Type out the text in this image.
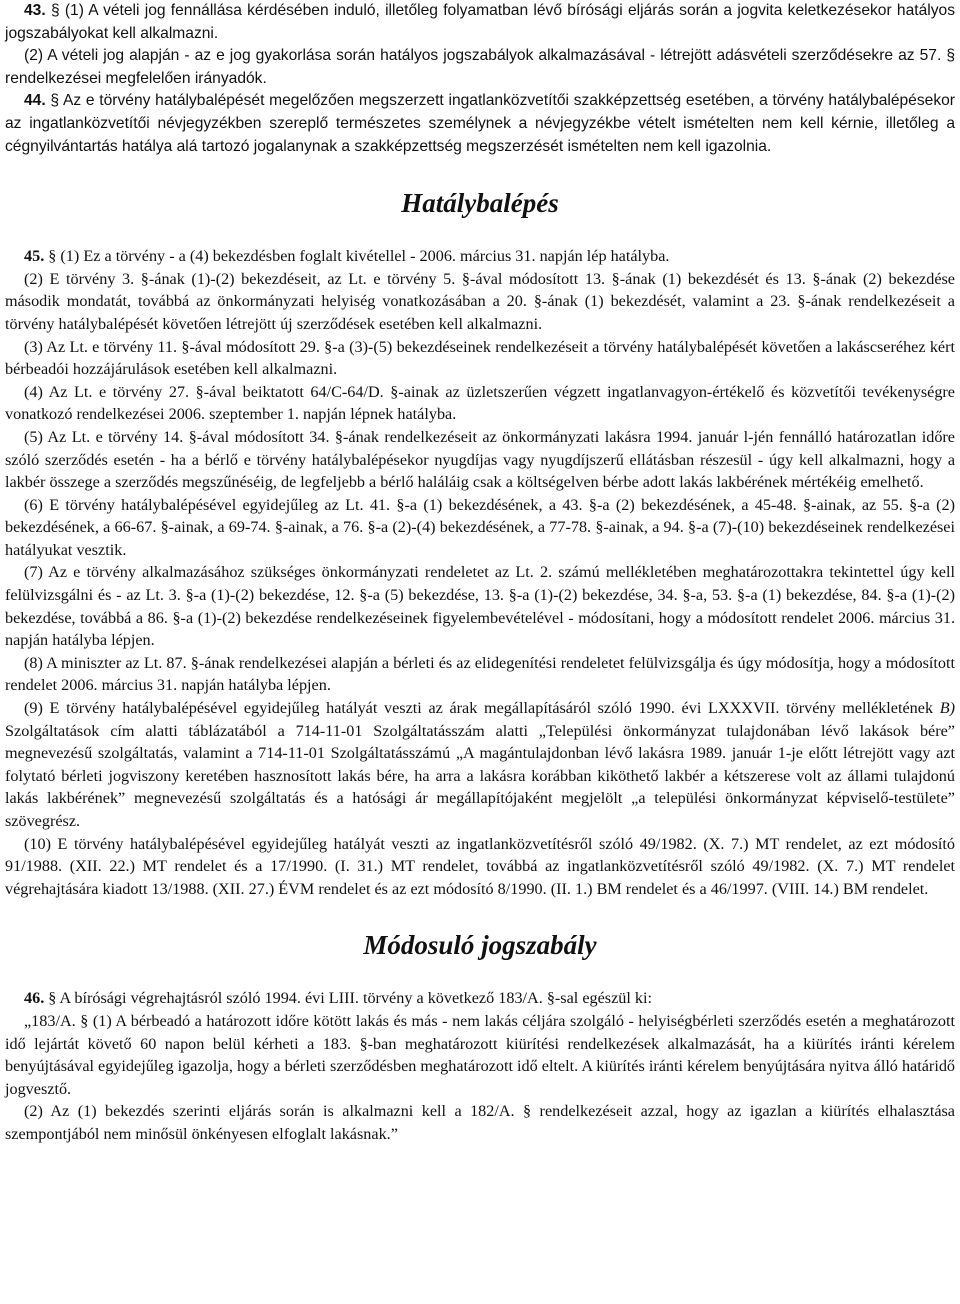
43. § (1) A vételi jog fennállása kérdésében induló, illetőleg folyamatban lévő bírósági eljárás során a jogvita keletkezésekor hatályos jogszabályokat kell alkalmazni.

(2) A vételi jog alapján - az e jog gyakorlása során hatályos jogszabályok alkalmazásával - létrejött adásvételi szerződésekre az 57. § rendelkezései megfelelően irányadók.

44. § Az e törvény hatálybalépését megelőzően megszerzett ingatlanközvetítői szakképzettség esetében, a törvény hatálybalépésekor az ingatlanközvetítői névjegyzékben szereplő természetes személynek a névjegyzékbe vételt ismételten nem kell kérnie, illetőleg a cégnyilvántartás hatálya alá tartozó jogalanynak a szakképzettség megszerzését ismételten nem kell igazolnia.

Hatálybalépés

45. § (1) Ez a törvény - a (4) bekezdésben foglalt kivétellel - 2006. március 31. napján lép hatályba.

(2) E törvény 3. §-ának (1)-(2) bekezdéseit, az Lt. e törvény 5. §-ával módosított 13. §-ának (1) bekezdését és 13. §-ának (2) bekezdése második mondatát, továbbá az önkormányzati helyiség vonatkozásában a 20. §-ának (1) bekezdését, valamint a 23. §-ának rendelkezéseit a törvény hatálybalépését követően létrejött új szerződések esetében kell alkalmazni.

(3) Az Lt. e törvény 11. §-ával módosított 29. §-a (3)-(5) bekezdéseinek rendelkezéseit a törvény hatálybalépését követően a lakáscseréhez kért bérbeadói hozzájárulások esetében kell alkalmazni.

(4) Az Lt. e törvény 27. §-ával beiktatott 64/C-64/D. §-ainak az üzletszerűen végzett ingatlanvagyon-értékelő és közvetítői tevékenységre vonatkozó rendelkezései 2006. szeptember 1. napján lépnek hatályba.

(5) Az Lt. e törvény 14. §-ával módosított 34. §-ának rendelkezéseit az önkormányzati lakásra 1994. január l-jén fennálló határozatlan időre szóló szerződés esetén - ha a bérlő e törvény hatálybalépésekor nyugdíjas vagy nyugdíjszerű ellátásban részesül - úgy kell alkalmazni, hogy a lakbér összege a szerződés megszűnéséig, de legfeljebb a bérlő haláláig csak a költségelven bérbe adott lakás lakbérének mértékéig emelhető.

(6) E törvény hatálybalépésével egyidejűleg az Lt. 41. §-a (1) bekezdésének, a 43. §-a (2) bekezdésének, a 45-48. §-ainak, az 55. §-a (2) bekezdésének, a 66-67. §-ainak, a 69-74. §-ainak, a 76. §-a (2)-(4) bekezdésének, a 77-78. §-ainak, a 94. §-a (7)-(10) bekezdéseinek rendelkezései hatályukat vesztik.

(7) Az e törvény alkalmazásához szükséges önkormányzati rendeletet az Lt. 2. számú mellékletében meghatározottakra tekintettel úgy kell felülvizsgálni és - az Lt. 3. §-a (1)-(2) bekezdése, 12. §-a (5) bekezdése, 13. §-a (1)-(2) bekezdése, 34. §-a, 53. §-a (1) bekezdése, 84. §-a (1)-(2) bekezdése, továbbá a 86. §-a (1)-(2) bekezdése rendelkezéseinek figyelembevételével - módosítani, hogy a módosított rendelet 2006. március 31. napján hatályba lépjen.

(8) A miniszter az Lt. 87. §-ának rendelkezései alapján a bérleti és az elidegenítési rendeletet felülvizsgálja és úgy módosítja, hogy a módosított rendelet 2006. március 31. napján hatályba lépjen.

(9) E törvény hatálybalépésével egyidejűleg hatályát veszti az árak megállapításáról szóló 1990. évi LXXXVII. törvény mellékletének B) Szolgáltatások cím alatti táblázatából a 714-11-01 Szolgáltatásszám alatti „Települési önkormányzat tulajdonában lévő lakások bére” megnevezésű szolgáltatás, valamint a 714-11-01 Szolgáltatásszámú „A magántulajdonban lévő lakásra 1989. január 1-je előtt létrejött vagy azt folytató bérleti jogviszony keretében hasznosított lakás bére, ha arra a lakásra korábban kiköthető lakbér a kétszerese volt az állami tulajdonú lakás lakbérének” megnevezésű szolgáltatás és a hatósági ár megállapítójaként megjelölt „a települési önkormányzat képviselő-testülete” szövegrész.

(10) E törvény hatálybalépésével egyidejűleg hatályát veszti az ingatlanközvetítésről szóló 49/1982. (X. 7.) MT rendelet, az ezt módosító 91/1988. (XII. 22.) MT rendelet és a 17/1990. (I. 31.) MT rendelet, továbbá az ingatlanközvetítésről szóló 49/1982. (X. 7.) MT rendelet végrehajtására kiadott 13/1988. (XII. 27.) ÉVM rendelet és az ezt módosító 8/1990. (II. 1.) BM rendelet és a 46/1997. (VIII. 14.) BM rendelet.

Módosuló jogszabály

46. § A bírósági végrehajtásról szóló 1994. évi LIII. törvény a következő 183/A. §-sal egészül ki:

„183/A. § (1) A bérbeadó a határozott időre kötött lakás és más - nem lakás céljára szolgáló - helyiségbérleti szerződés esetén a meghatározott idő lejártát követő 60 napon belül kérheti a 183. §-ban meghatározott kiürítési rendelkezések alkalmazását, ha a kiürítés iránti kérelem benyújtásával egyidejűleg igazolja, hogy a bérleti szerződésben meghatározott idő eltelt. A kiürítés iránti kérelem benyújtására nyitva álló határidő jogvesztő.

(2) Az (1) bekezdés szerinti eljárás során is alkalmazni kell a 182/A. § rendelkezéseit azzal, hogy az igazlan a kiürítés elhalasztása szempontjából nem minősül önkényesen elfoglalt lakásnak.”
